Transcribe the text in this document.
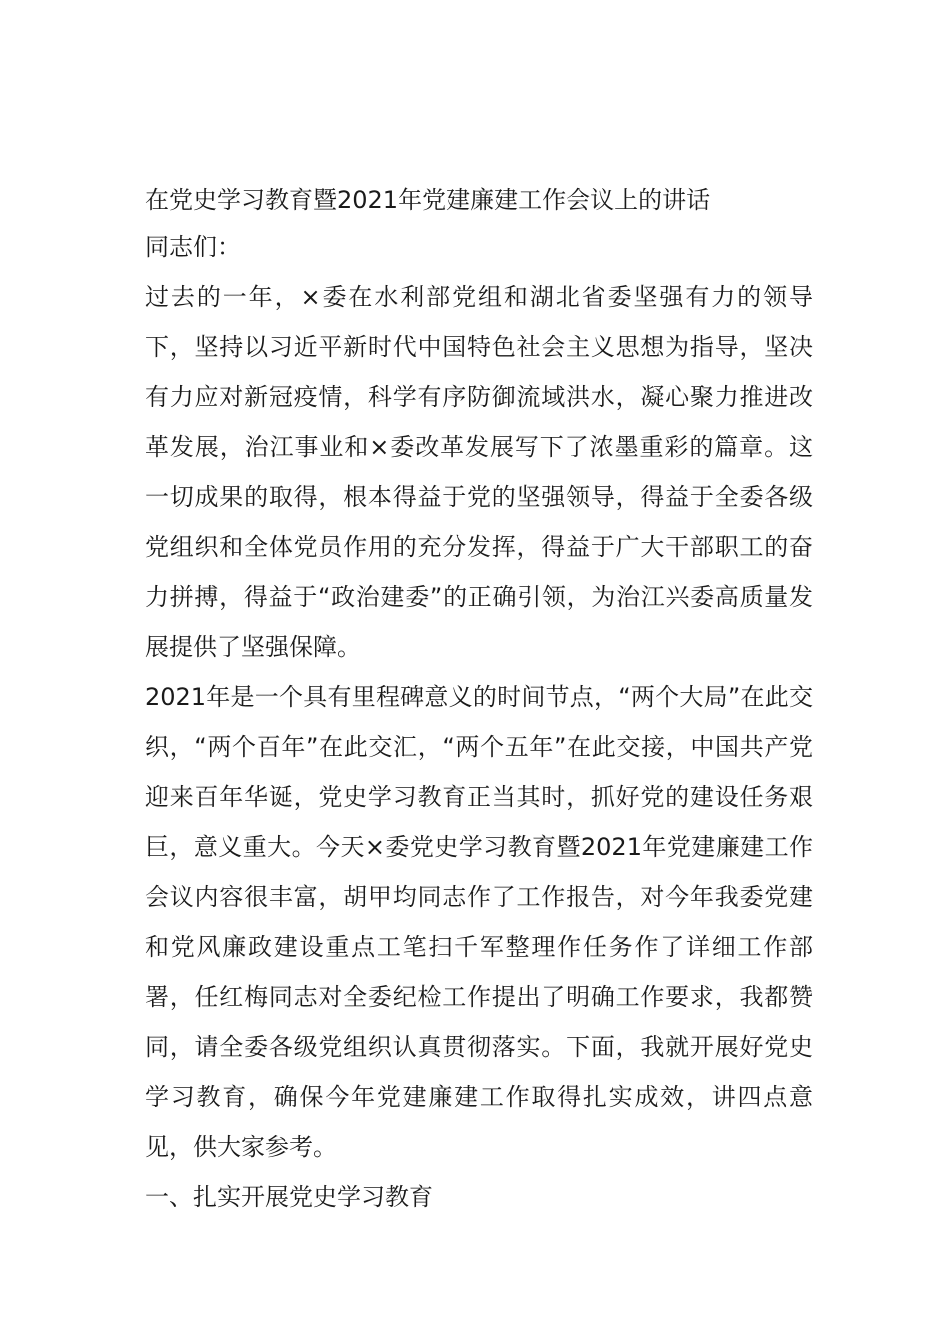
在党史学习教育暨2021年党建廉建工作会议上的讲话

同志们：

过去的一年，×委在水利部党组和湖北省委坚强有力的领导下，坚持以习近平新时代中国特色社会主义思想为指导，坚决有力应对新冠疫情，科学有序防御流域洪水，凝心聚力推进改革发展，治江事业和×委改革发展写下了浓墨重彩的篇章。这一切成果的取得，根本得益于党的坚强领导，得益于全委各级党组织和全体党员作用的充分发挥，得益于广大干部职工的奋力拼搏，得益于“政治建委”的正确引领，为治江兴委高质量发展提供了坚强保障。

2021年是一个具有里程碑意义的时间节点，“两个大局”在此交织，“两个百年”在此交汇，“两个五年”在此交接，中国共产党迎来百年华诞，党史学习教育正当其时，抓好党的建设任务艰巨，意义重大。今天×委党史学习教育暨2021年党建廉建工作会议内容很丰富，胡甲均同志作了工作报告，对今年我委党建和党风廉政建设重点工笔扫千军整理作任务作了详细工作部署，任红梅同志对全委纪检工作提出了明确工作要求，我都赞同，请全委各级党组织认真贯彻落实。下面，我就开展好党史学习教育，确保今年党建廉建工作取得扎实成效，讲四点意见，供大家参考。

一、扎实开展党史学习教育
